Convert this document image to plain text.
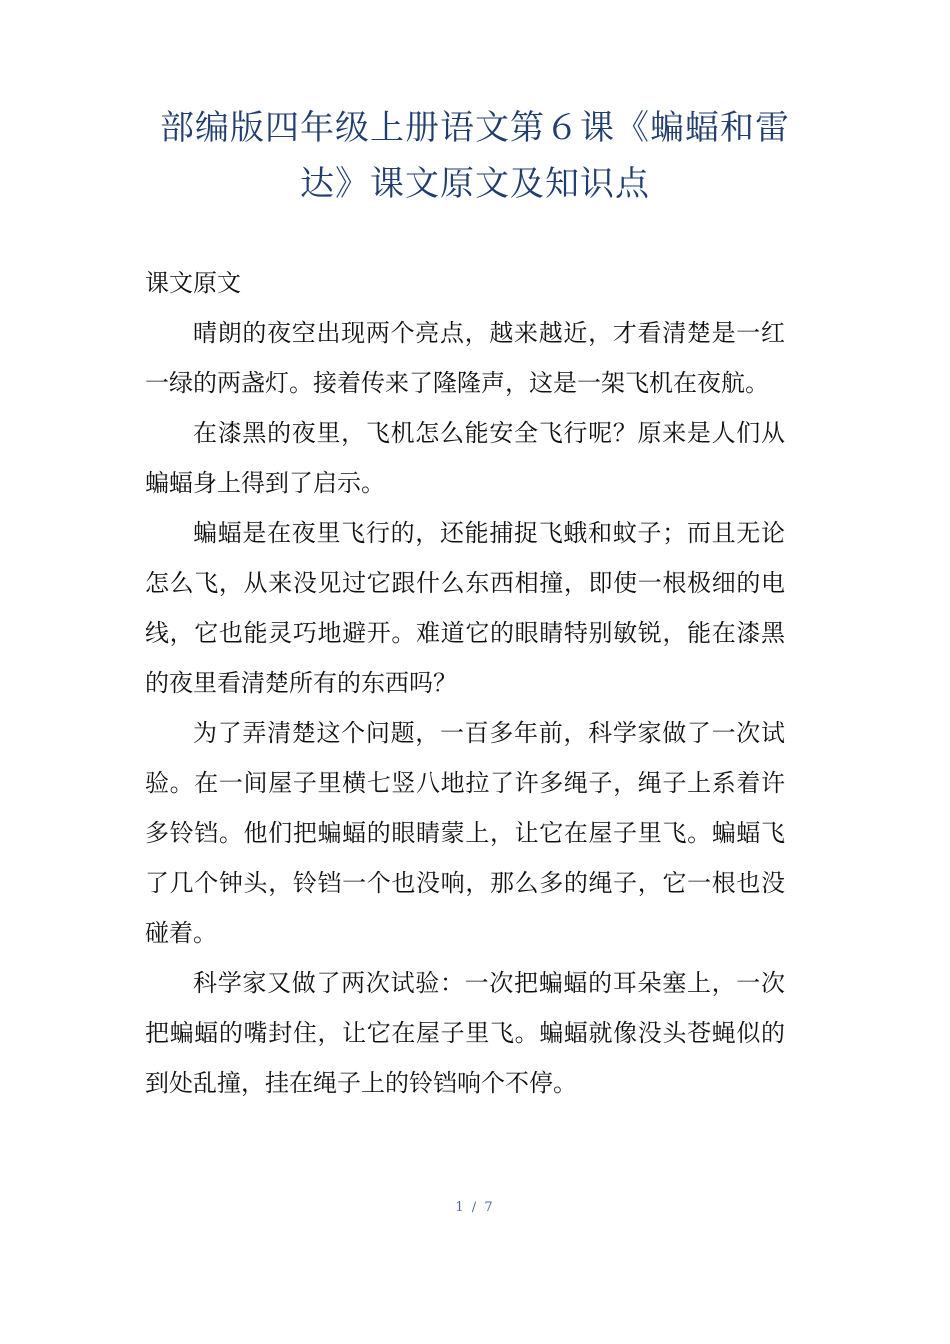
部编版四年级上册语文第６课《蝙蝠和雷达》课文原文及知识点

课文原文

晴朗的夜空出现两个亮点，越来越近，才看清楚是一红一绿的两盏灯。接着传来了隆隆声，这是一架飞机在夜航。

在漆黑的夜里，飞机怎么能安全飞行呢？原来是人们从蝙蝠身上得到了启示。

蝙蝠是在夜里飞行的，还能捕捉飞蛾和蚊子；而且无论怎么飞，从来没见过它跟什么东西相撞，即使一根极细的电线，它也能灵巧地避开。难道它的眼睛特别敏锐，能在漆黑的夜里看清楚所有的东西吗？

为了弄清楚这个问题，一百多年前，科学家做了一次试验。在一间屋子里横七竖八地拉了许多绳子，绳子上系着许多铃铛。他们把蝙蝠的眼睛蒙上，让它在屋子里飞。蝙蝠飞了几个钟头，铃铛一个也没响，那么多的绳子，它一根也没碰着。

科学家又做了两次试验：一次把蝙蝠的耳朵塞上，一次把蝙蝠的嘴封住，让它在屋子里飞。蝙蝠就像没头苍蝇似的到处乱撞，挂在绳子上的铃铛响个不停。

1 / 7
